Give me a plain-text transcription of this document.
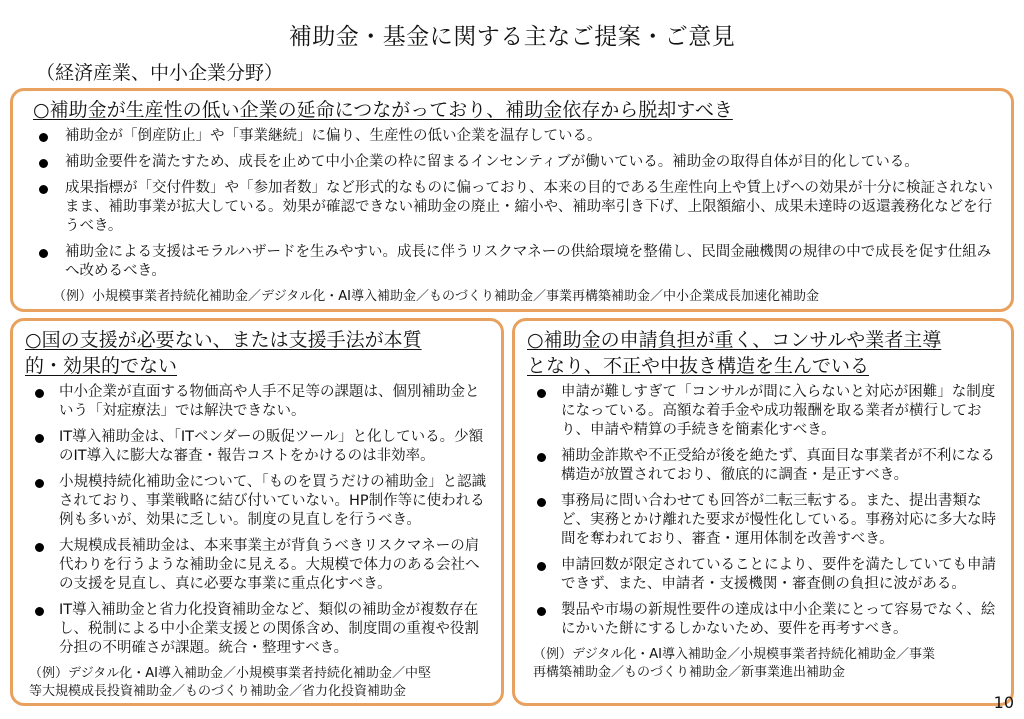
補助金・基金に関する主なご提案・ご意見
（経済産業、中小企業分野）
○補助金が生産性の低い企業の延命につながっており、補助金依存から脱却すべき
補助金が「倒産防止」や「事業継続」に偏り、生産性の低い企業を温存している。
補助金要件を満たすため、成長を止めて中小企業の枠に留まるインセンティブが働いている。補助金の取得自体が目的化している。
成果指標が「交付件数」や「参加者数」など形式的なものに偏っており、本来の目的である生産性向上や賃上げへの効果が十分に検証されないまま、補助事業が拡大している。効果が確認できない補助金の廃止・縮小や、補助率引き下げ、上限額縮小、成果未達時の返還義務化などを行うべき。
補助金による支援はモラルハザードを生みやすい。成長に伴うリスクマネーの供給環境を整備し、民間金融機関の規律の中で成長を促す仕組みへ改めるべき。
（例）小規模事業者持続化補助金／デジタル化・AI導入補助金／ものづくり補助金／事業再構築補助金／中小企業成長加速化補助金
○国の支援が必要ない、または支援手法が本質
的・効果的でない
中小企業が直面する物価高や人手不足等の課題は、個別補助金という「対症療法」では解決できない。
IT導入補助金は、「ITベンダーの販促ツール」と化している。少額のIT導入に膨大な審査・報告コストをかけるのは非効率。
小規模持続化補助金について、「ものを買うだけの補助金」と認識されており、事業戦略に結び付いていない。HP制作等に使われる例も多いが、効果に乏しい。制度の見直しを行うべき。
大規模成長補助金は、本来事業主が背負うべきリスクマネーの肩代わりを行うような補助金に見える。大規模で体力のある会社への支援を見直し、真に必要な事業に重点化すべき。
IT導入補助金と省力化投資補助金など、類似の補助金が複数存在し、税制による中小企業支援との関係含め、制度間の重複や役割分担の不明確さが課題。統合・整理すべき。
（例）デジタル化・AI導入補助金／小規模事業者持続化補助金／中堅
等大規模成長投資補助金／ものづくり補助金／省力化投資補助金
○補助金の申請負担が重く、コンサルや業者主導
となり、不正や中抜き構造を生んでいる
申請が難しすぎて「コンサルが間に入らないと対応が困難」な制度になっている。高額な着手金や成功報酬を取る業者が横行しており、申請や精算の手続きを簡素化すべき。
補助金詐欺や不正受給が後を絶たず、真面目な事業者が不利になる構造が放置されており、徹底的に調査・是正すべき。
事務局に問い合わせても回答が二転三転する。また、提出書類など、実務とかけ離れた要求が慢性化している。事務対応に多大な時間を奪われており、審査・運用体制を改善すべき。
申請回数が限定されていることにより、要件を満たしていても申請できず、また、申請者・支援機関・審査側の負担に波がある。
製品や市場の新規性要件の達成は中小企業にとって容易でなく、絵にかいた餅にするしかないため、要件を再考すべき。
（例）デジタル化・AI導入補助金／小規模事業者持続化補助金／事業
再構築補助金／ものづくり補助金／新事業進出補助金
10
